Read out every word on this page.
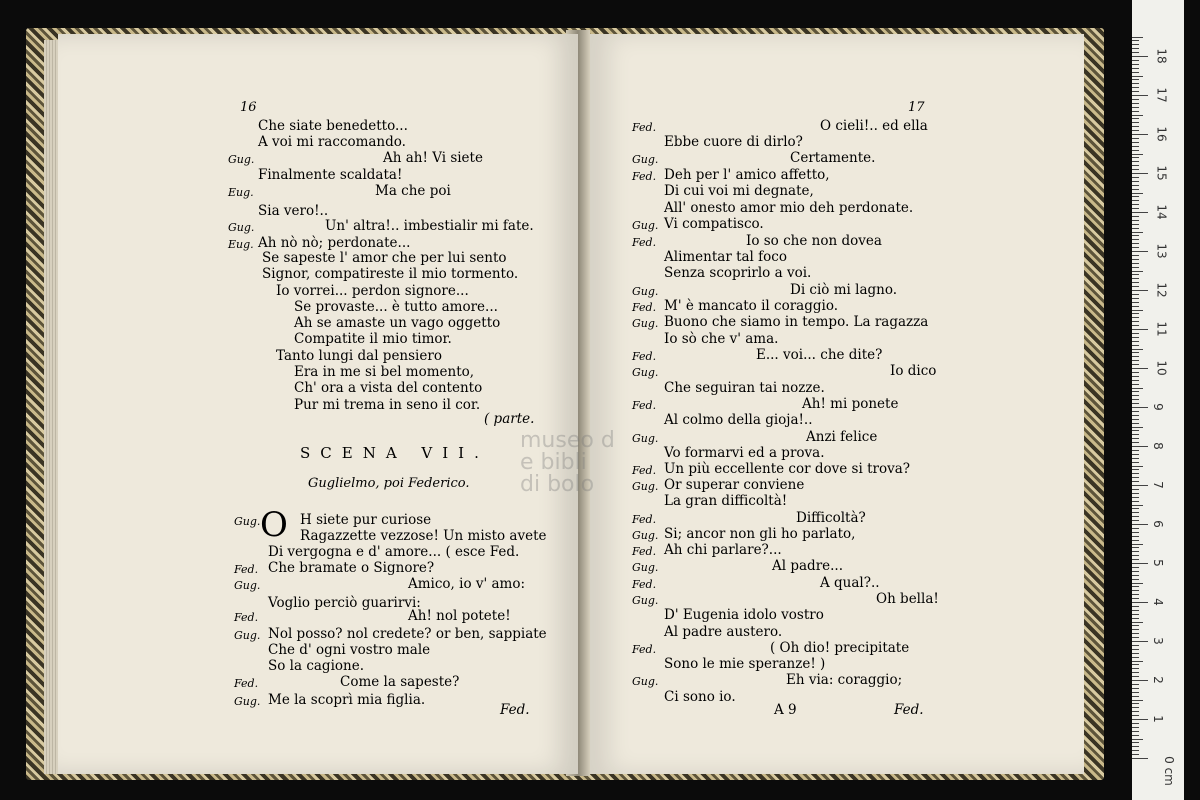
16	17
SCENA VII.
Guglielmo, poi Federico.
O
A 9	Fed.
Che siate benedetto...
A voi mi raccomando.
Gug.	Ah ah! Vi siete
Finalmente scaldata!
Eug.	Ma che poi
Sia vero!..
Gug.	Un' altra!.. imbestialir mi fate.
Eug. Ah nò nò; perdonate...
Se sapeste l' amor che per lui sento
Signor, compatireste il mio tormento.
Io vorrei... perdon signore...
Se provaste... è tutto amore...
Ah se amaste un vago oggetto
Compatite il mio timor.
Tanto lungi dal pensiero
Era in me si bel momento,
Ch' ora a vista del contento
Pur mi trema in seno il cor.
( parte.
Gug.	H siete pur curiose
Ragazzette vezzose! Un misto avete
Di vergogna e d' amore... ( esce Fed.
Fed. Che bramate o Signore?
Gug.	Amico, io v' amo:
Voglio perciò guarirvi:
Fed.	Ah! nol potete!
Gug. Nol posso? nol credete? or ben, sappiate
Che d' ogni vostro male
So la cagione.
Fed.	Come la sapeste?
Gug. Me la scoprì mia figlia.
Fed.
Fed.	O cieli!.. ed ella
Ebbe cuore di dirlo?
Gug.	Certamente.
Fed. Deh per l' amico affetto,
Di cui voi mi degnate,
All' onesto amor mio deh perdonate.
Gug. Vi compatisco.
Fed.	Io so che non dovea
Alimentar tal foco
Senza scoprirlo a voi.
Gug.	Di ciò mi lagno.
Fed. M' è mancato il coraggio.
Gug. Buono che siamo in tempo. La ragazza
Io sò che v' ama.
Fed.	E... voi... che dite?
Gug.	Io dico
Che seguiran tai nozze.
Fed.	Ah! mi ponete
Al colmo della gioja!..
Gug.	Anzi felice
Vo formarvi ed a prova.
Fed. Un più eccellente cor dove si trova?
Gug. Or superar conviene
La gran difficoltà!
Fed.	Difficoltà?
Gug. Si; ancor non gli ho parlato,
Fed. Ah chi parlare?...
Gug.	Al padre...
Fed.	A qual?..
Gug.	Oh bella!
D' Eugenia idolo vostro
Al padre austero.
Fed.	( Oh dio! precipitate
Sono le mie speranze! )
Gug.	Eh via: coraggio;
Ci sono io.
museo d
e bibli
di bolo
0 cm
1
2
3
4
5
6
7
8
9
10
11
12
13
14
15
16
17
18
